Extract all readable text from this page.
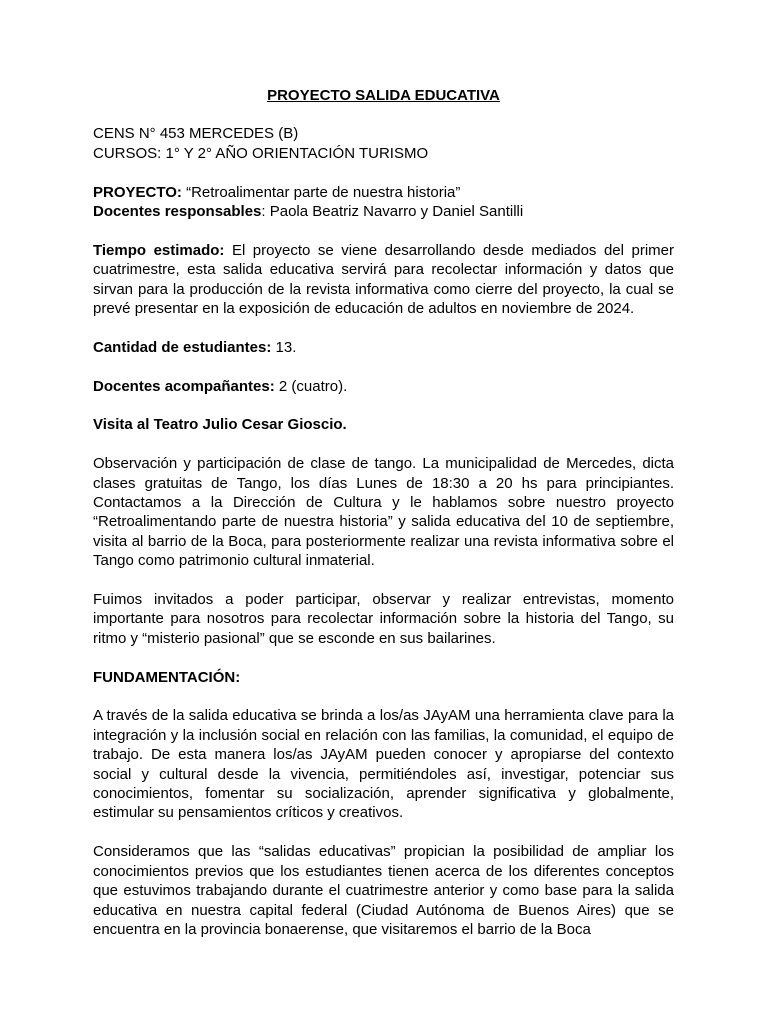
PROYECTO SALIDA EDUCATIVA

CENS N° 453 MERCEDES (B)

CURSOS: 1° Y 2° AÑO ORIENTACIÓN TURISMO

PROYECTO: “Retroalimentar parte de nuestra historia”

Docentes responsables: Paola Beatriz Navarro y Daniel Santilli

Tiempo estimado: El proyecto se viene desarrollando desde mediados del primer cuatrimestre, esta salida educativa servirá para recolectar información y datos que sirvan para la producción de la revista informativa como cierre del proyecto, la cual se prevé presentar en la exposición de educación de adultos en noviembre de 2024.

Cantidad de estudiantes: 13.

Docentes acompañantes: 2 (cuatro).

Visita al Teatro Julio Cesar Gioscio.

Observación y participación de clase de tango. La municipalidad de Mercedes, dicta clases gratuitas de Tango, los días Lunes de 18:30 a 20 hs para principiantes. Contactamos a la Dirección de Cultura y le hablamos sobre nuestro proyecto “Retroalimentando parte de nuestra historia” y salida educativa del 10 de septiembre, visita al barrio de la Boca, para posteriormente realizar una revista informativa sobre el Tango como patrimonio cultural inmaterial.

Fuimos invitados a poder participar, observar y realizar entrevistas, momento importante para nosotros para recolectar información sobre la historia del Tango, su ritmo y “misterio pasional” que se esconde en sus bailarines.

FUNDAMENTACIÓN:

A través de la salida educativa se brinda a los/as JAyAM una herramienta clave para la integración y la inclusión social en relación con las familias, la comunidad, el equipo de trabajo. De esta manera los/as JAyAM pueden conocer y apropiarse del contexto social y cultural desde la vivencia, permitiéndoles así, investigar, potenciar sus conocimientos, fomentar su socialización, aprender significativa y globalmente, estimular su pensamientos críticos y creativos.

Consideramos que las “salidas educativas” propician la posibilidad de ampliar los conocimientos previos que los estudiantes tienen acerca de los diferentes conceptos que estuvimos trabajando durante el cuatrimestre anterior y como base para la salida educativa en nuestra capital federal (Ciudad Autónoma de Buenos Aires) que se encuentra en la provincia bonaerense, que visitaremos el barrio de la Boca
